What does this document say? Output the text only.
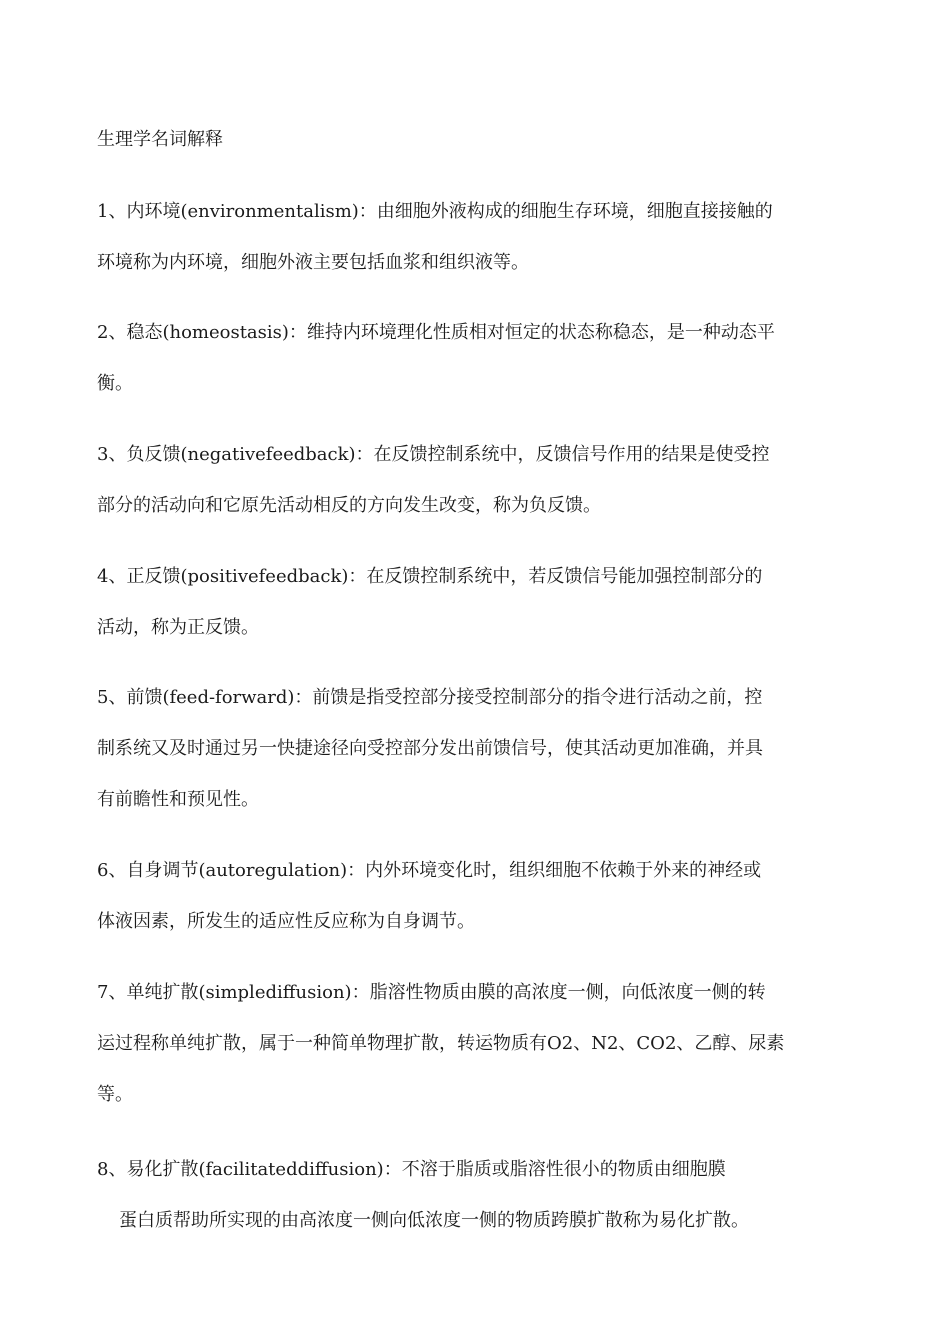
生理学名词解释
1、内环境(environmentalism)：由细胞外液构成的细胞生存环境，细胞直接接触的
环境称为内环境，细胞外液主要包括血浆和组织液等。
2、稳态(homeostasis)：维持内环境理化性质相对恒定的状态称稳态，是一种动态平
衡。
3、负反馈(negativefeedback)：在反馈控制系统中，反馈信号作用的结果是使受控
部分的活动向和它原先活动相反的方向发生改变，称为负反馈。
4、正反馈(positivefeedback)：在反馈控制系统中，若反馈信号能加强控制部分的
活动，称为正反馈。
5、前馈(feed-forward)：前馈是指受控部分接受控制部分的指令进行活动之前，控
制系统又及时通过另一快捷途径向受控部分发出前馈信号，使其活动更加准确，并具
有前瞻性和预见性。
6、自身调节(autoregulation)：内外环境变化时，组织细胞不依赖于外来的神经或
体液因素，所发生的适应性反应称为自身调节。
7、单纯扩散(simplediffusion)：脂溶性物质由膜的高浓度一侧，向低浓度一侧的转
运过程称单纯扩散，属于一种简单物理扩散，转运物质有O2、N2、CO2、乙醇、尿素
等。
8、易化扩散(facilitateddiffusion)：不溶于脂质或脂溶性很小的物质由细胞膜
蛋白质帮助所实现的由高浓度一侧向低浓度一侧的物质跨膜扩散称为易化扩散。
